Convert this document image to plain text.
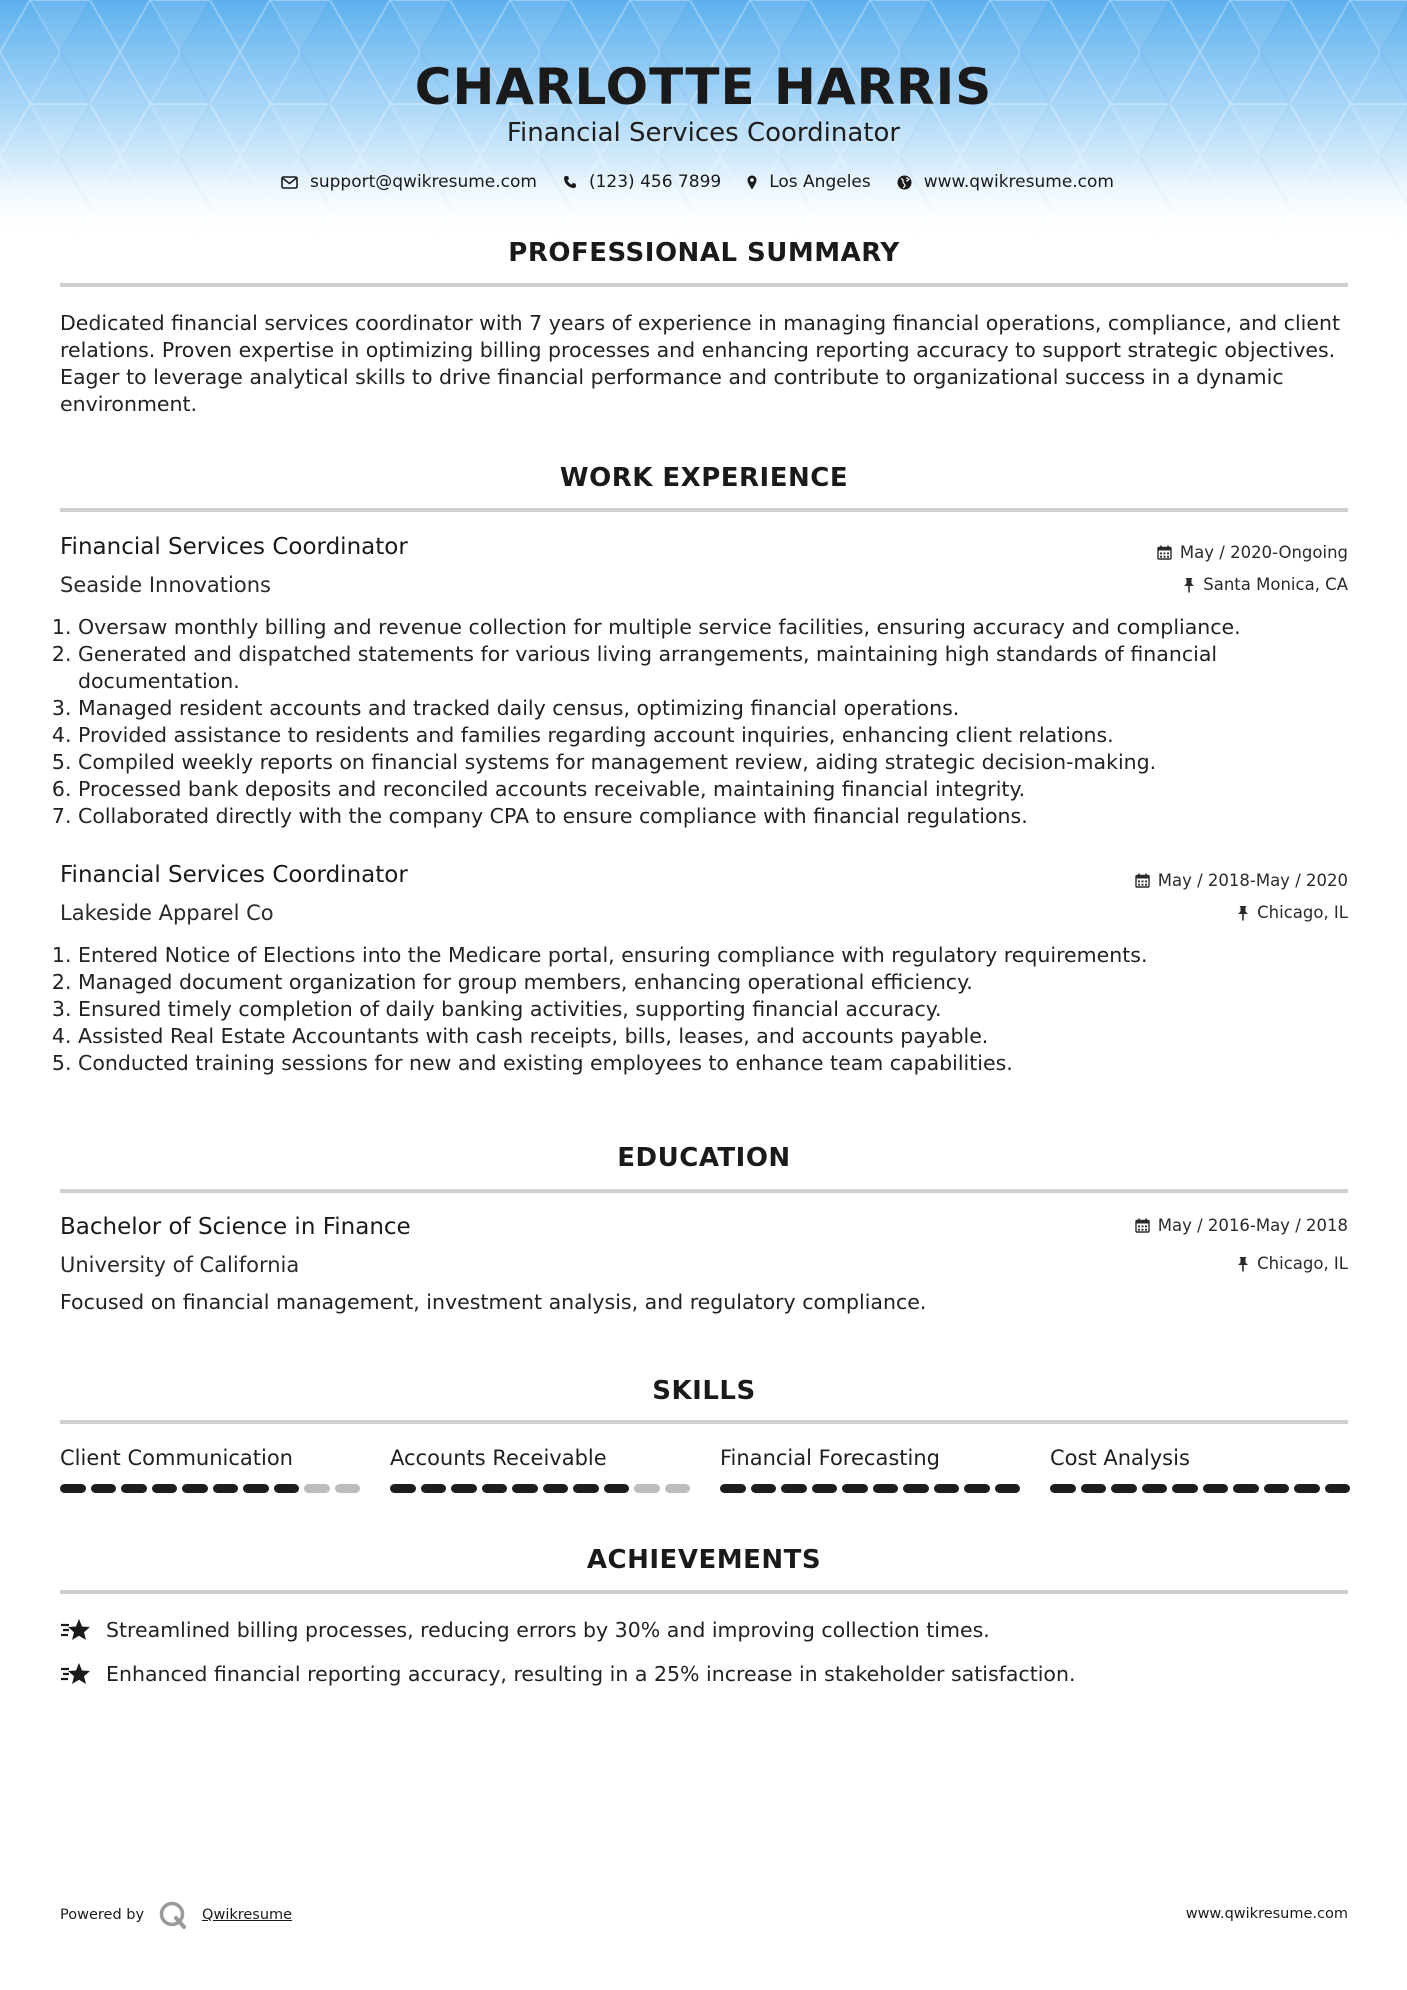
CHARLOTTE HARRIS
Financial Services Coordinator
support@qwikresume.com	(123) 456 7899	Los Angeles	www.qwikresume.com
PROFESSIONAL SUMMARY
Dedicated financial services coordinator with 7 years of experience in managing financial operations, compliance, and client relations. Proven expertise in optimizing billing processes and enhancing reporting accuracy to support strategic objectives. Eager to leverage analytical skills to drive financial performance and contribute to organizational success in a dynamic environment.
WORK EXPERIENCE
Financial Services Coordinator	May / 2020-Ongoing
Seaside Innovations	Santa Monica, CA
1. Oversaw monthly billing and revenue collection for multiple service facilities, ensuring accuracy and compliance.
2. Generated and dispatched statements for various living arrangements, maintaining high standards of financial documentation.
3. Managed resident accounts and tracked daily census, optimizing financial operations.
4. Provided assistance to residents and families regarding account inquiries, enhancing client relations.
5. Compiled weekly reports on financial systems for management review, aiding strategic decision-making.
6. Processed bank deposits and reconciled accounts receivable, maintaining financial integrity.
7. Collaborated directly with the company CPA to ensure compliance with financial regulations.
Financial Services Coordinator	May / 2018-May / 2020
Lakeside Apparel Co	Chicago, IL
1. Entered Notice of Elections into the Medicare portal, ensuring compliance with regulatory requirements.
2. Managed document organization for group members, enhancing operational efficiency.
3. Ensured timely completion of daily banking activities, supporting financial accuracy.
4. Assisted Real Estate Accountants with cash receipts, bills, leases, and accounts payable.
5. Conducted training sessions for new and existing employees to enhance team capabilities.
EDUCATION
Bachelor of Science in Finance	May / 2016-May / 2018
University of California	Chicago, IL
Focused on financial management, investment analysis, and regulatory compliance.
SKILLS
Client Communication	Accounts Receivable	Financial Forecasting	Cost Analysis
ACHIEVEMENTS
Streamlined billing processes, reducing errors by 30% and improving collection times.
Enhanced financial reporting accuracy, resulting in a 25% increase in stakeholder satisfaction.
Powered by	Qwikresume	www.qwikresume.com
